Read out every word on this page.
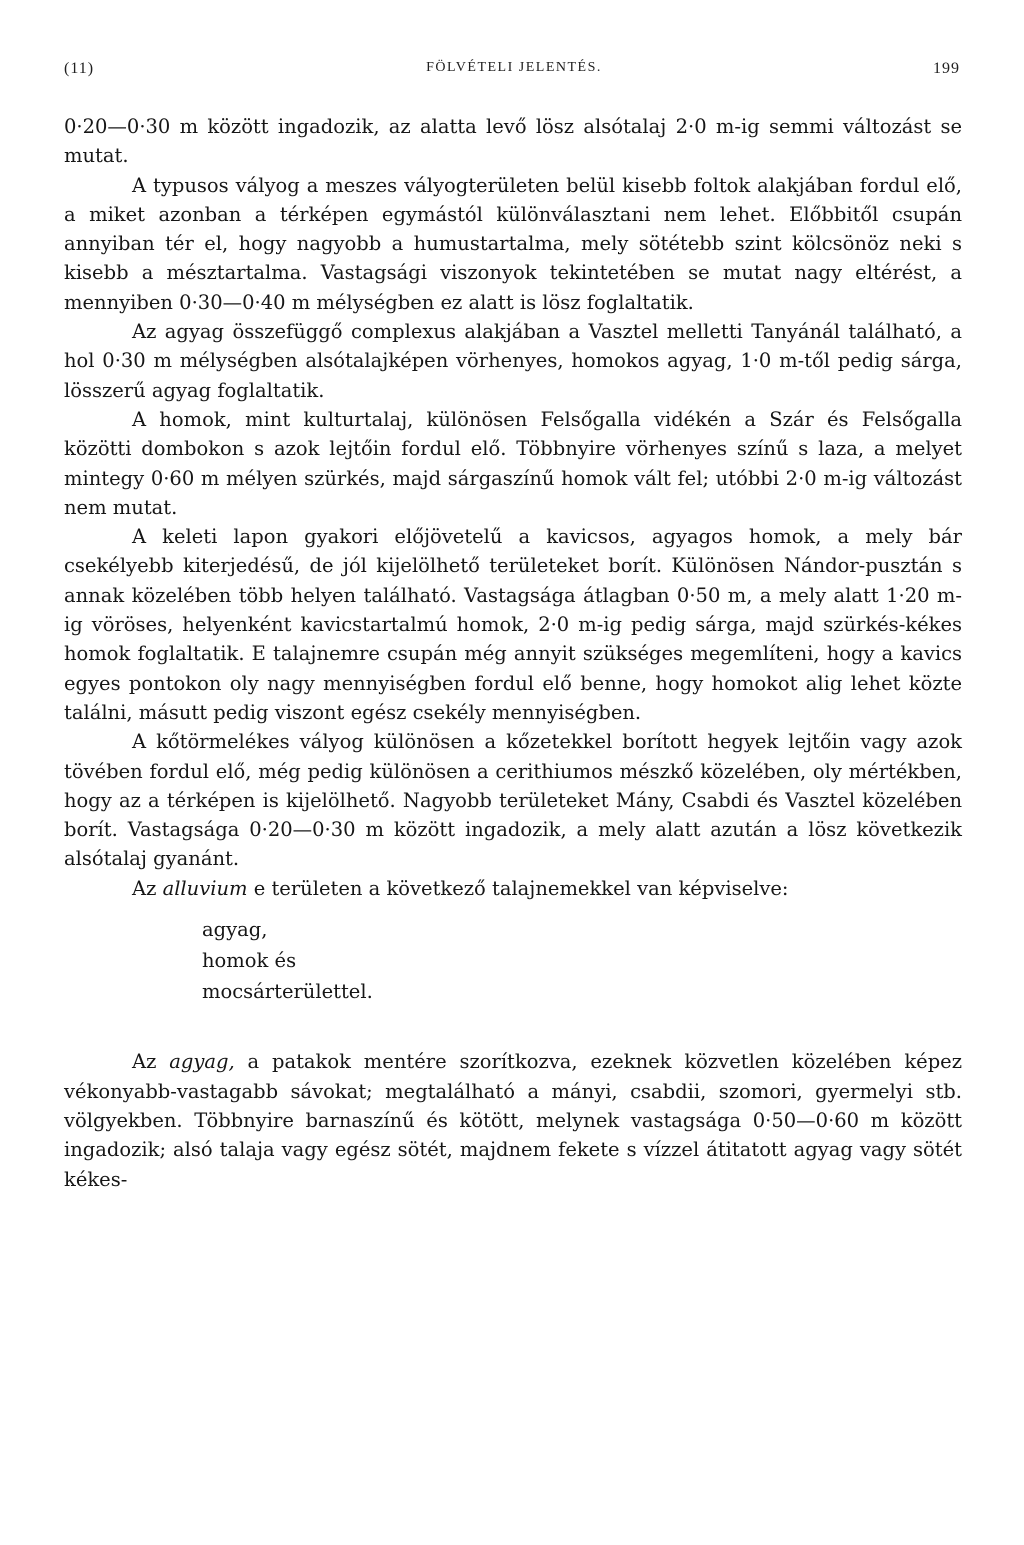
(11)	FÖLVÉTELI JELENTÉS.	199

0·20—0·30 m között ingadozik, az alatta levő lösz alsótalaj 2·0 m-ig semmi változást se mutat.

A typusos vályog a meszes vályogterületen belül kisebb foltok alakjában fordul elő, a miket azonban a térképen egymástól különválasztani nem lehet. Előbbitől csupán annyiban tér el, hogy nagyobb a humustartalma, mely sötétebb szint kölcsönöz neki s kisebb a mésztartalma. Vastagsági viszonyok tekintetében se mutat nagy eltérést, a mennyiben 0·30—0·40 m mélységben ez alatt is lösz foglaltatik.

Az agyag összefüggő complexus alakjában a Vasztel melletti Tanyánál található, a hol 0·30 m mélységben alsótalajképen vörhenyes, homokos agyag, 1·0 m-től pedig sárga, lösszerű agyag foglaltatik.

A homok, mint kulturtalaj, különösen Felsőgalla vidékén a Szár és Felsőgalla közötti dombokon s azok lejtőin fordul elő. Többnyire vörhenyes színű s laza, a melyet mintegy 0·60 m mélyen szürkés, majd sárgaszínű homok vált fel; utóbbi 2·0 m-ig változást nem mutat.

A keleti lapon gyakori előjövetelű a kavicsos, agyagos homok, a mely bár csekélyebb kiterjedésű, de jól kijelölhető területeket borít. Különösen Nándor-pusztán s annak közelében több helyen található. Vastagsága átlagban 0·50 m, a mely alatt 1·20 m-ig vöröses, helyenként kavicstartalmú homok, 2·0 m-ig pedig sárga, majd szürkés-kékes homok foglaltatik. E talajnemre csupán még annyit szükséges megemlíteni, hogy a kavics egyes pontokon oly nagy mennyiségben fordul elő benne, hogy homokot alig lehet közte találni, másutt pedig viszont egész csekély mennyiségben.

A kőtörmelékes vályog különösen a kőzetekkel borított hegyek lejtőin vagy azok tövében fordul elő, még pedig különösen a cerithiumos mészkő közelében, oly mértékben, hogy az a térképen is kijelölhető. Nagyobb területeket Mány, Csabdi és Vasztel közelében borít. Vastagsága 0·20—0·30 m között ingadozik, a mely alatt azután a lösz következik alsótalaj gyanánt.

Az alluvium e területen a következő talajnemekkel van képviselve:

agyag,
homok és
mocsárterülettel.

Az agyag, a patakok mentére szorítkozva, ezeknek közvetlen közelében képez vékonyabb-vastagabb sávokat; megtalálható a mányi, csabdii, szomori, gyermelyi stb. völgyekben. Többnyire barnaszínű és kötött, melynek vastagsága 0·50—0·60 m között ingadozik; alsó talaja vagy egész sötét, majdnem fekete s vízzel átitatott agyag vagy sötét kékes-
